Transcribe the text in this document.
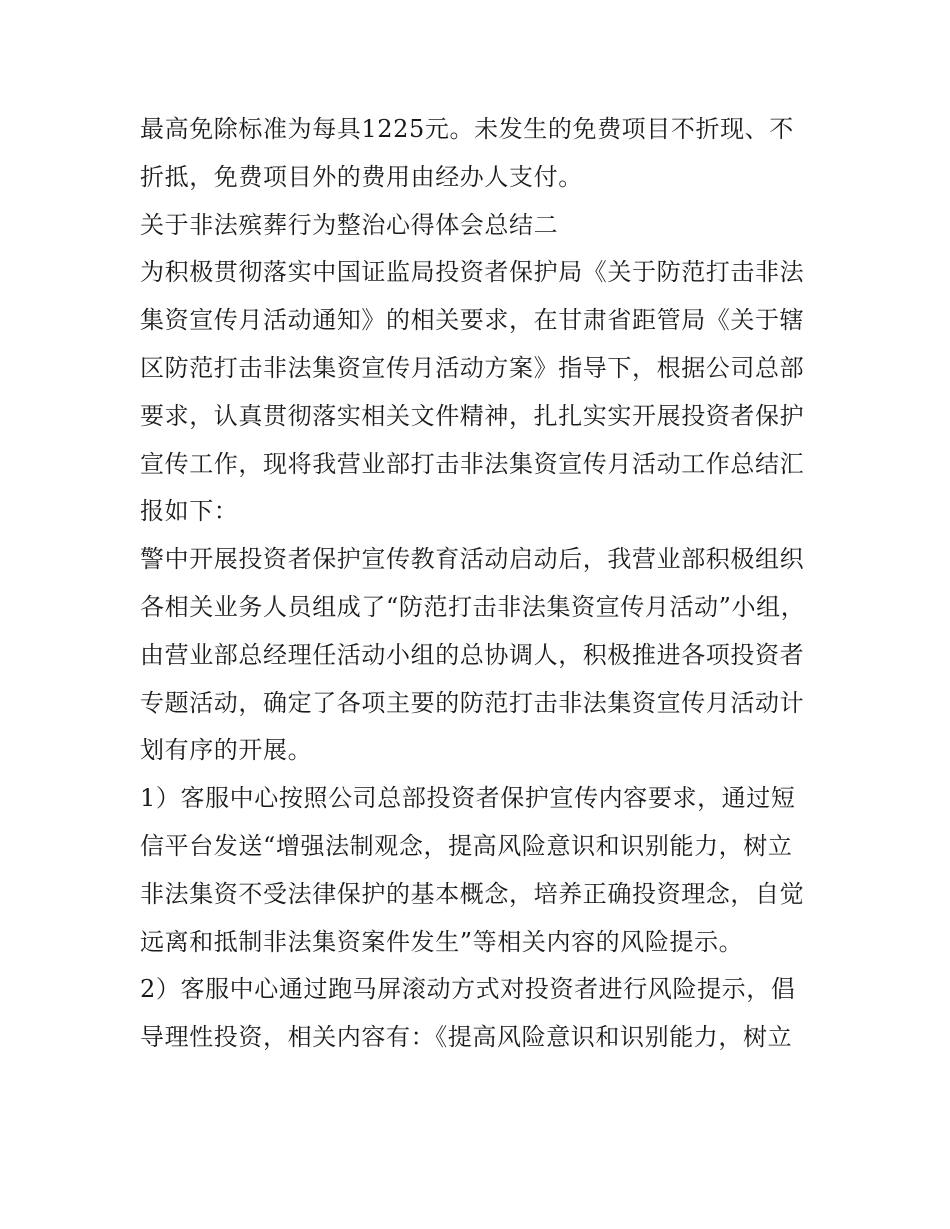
最高免除标准为每具1225元。未发生的免费项目不折现、不
折抵，免费项目外的费用由经办人支付。
关于非法殡葬行为整治心得体会总结二
为积极贯彻落实中国证监局投资者保护局《关于防范打击非法
集资宣传月活动通知》的相关要求，在甘肃省距管局《关于辖
区防范打击非法集资宣传月活动方案》指导下，根据公司总部
要求，认真贯彻落实相关文件精神，扎扎实实开展投资者保护
宣传工作，现将我营业部打击非法集资宣传月活动工作总结汇
报如下：
警中开展投资者保护宣传教育活动启动后，我营业部积极组织
各相关业务人员组成了“防范打击非法集资宣传月活动”小组，
由营业部总经理任活动小组的总协调人，积极推进各项投资者
专题活动，确定了各项主要的防范打击非法集资宣传月活动计
划有序的开展。
1）客服中心按照公司总部投资者保护宣传内容要求，通过短
信平台发送“增强法制观念，提高风险意识和识别能力，树立
非法集资不受法律保护的基本概念，培养正确投资理念，自觉
远离和抵制非法集资案件发生”等相关内容的风险提示。
2）客服中心通过跑马屏滚动方式对投资者进行风险提示，倡
导理性投资，相关内容有：《提高风险意识和识别能力，树立
